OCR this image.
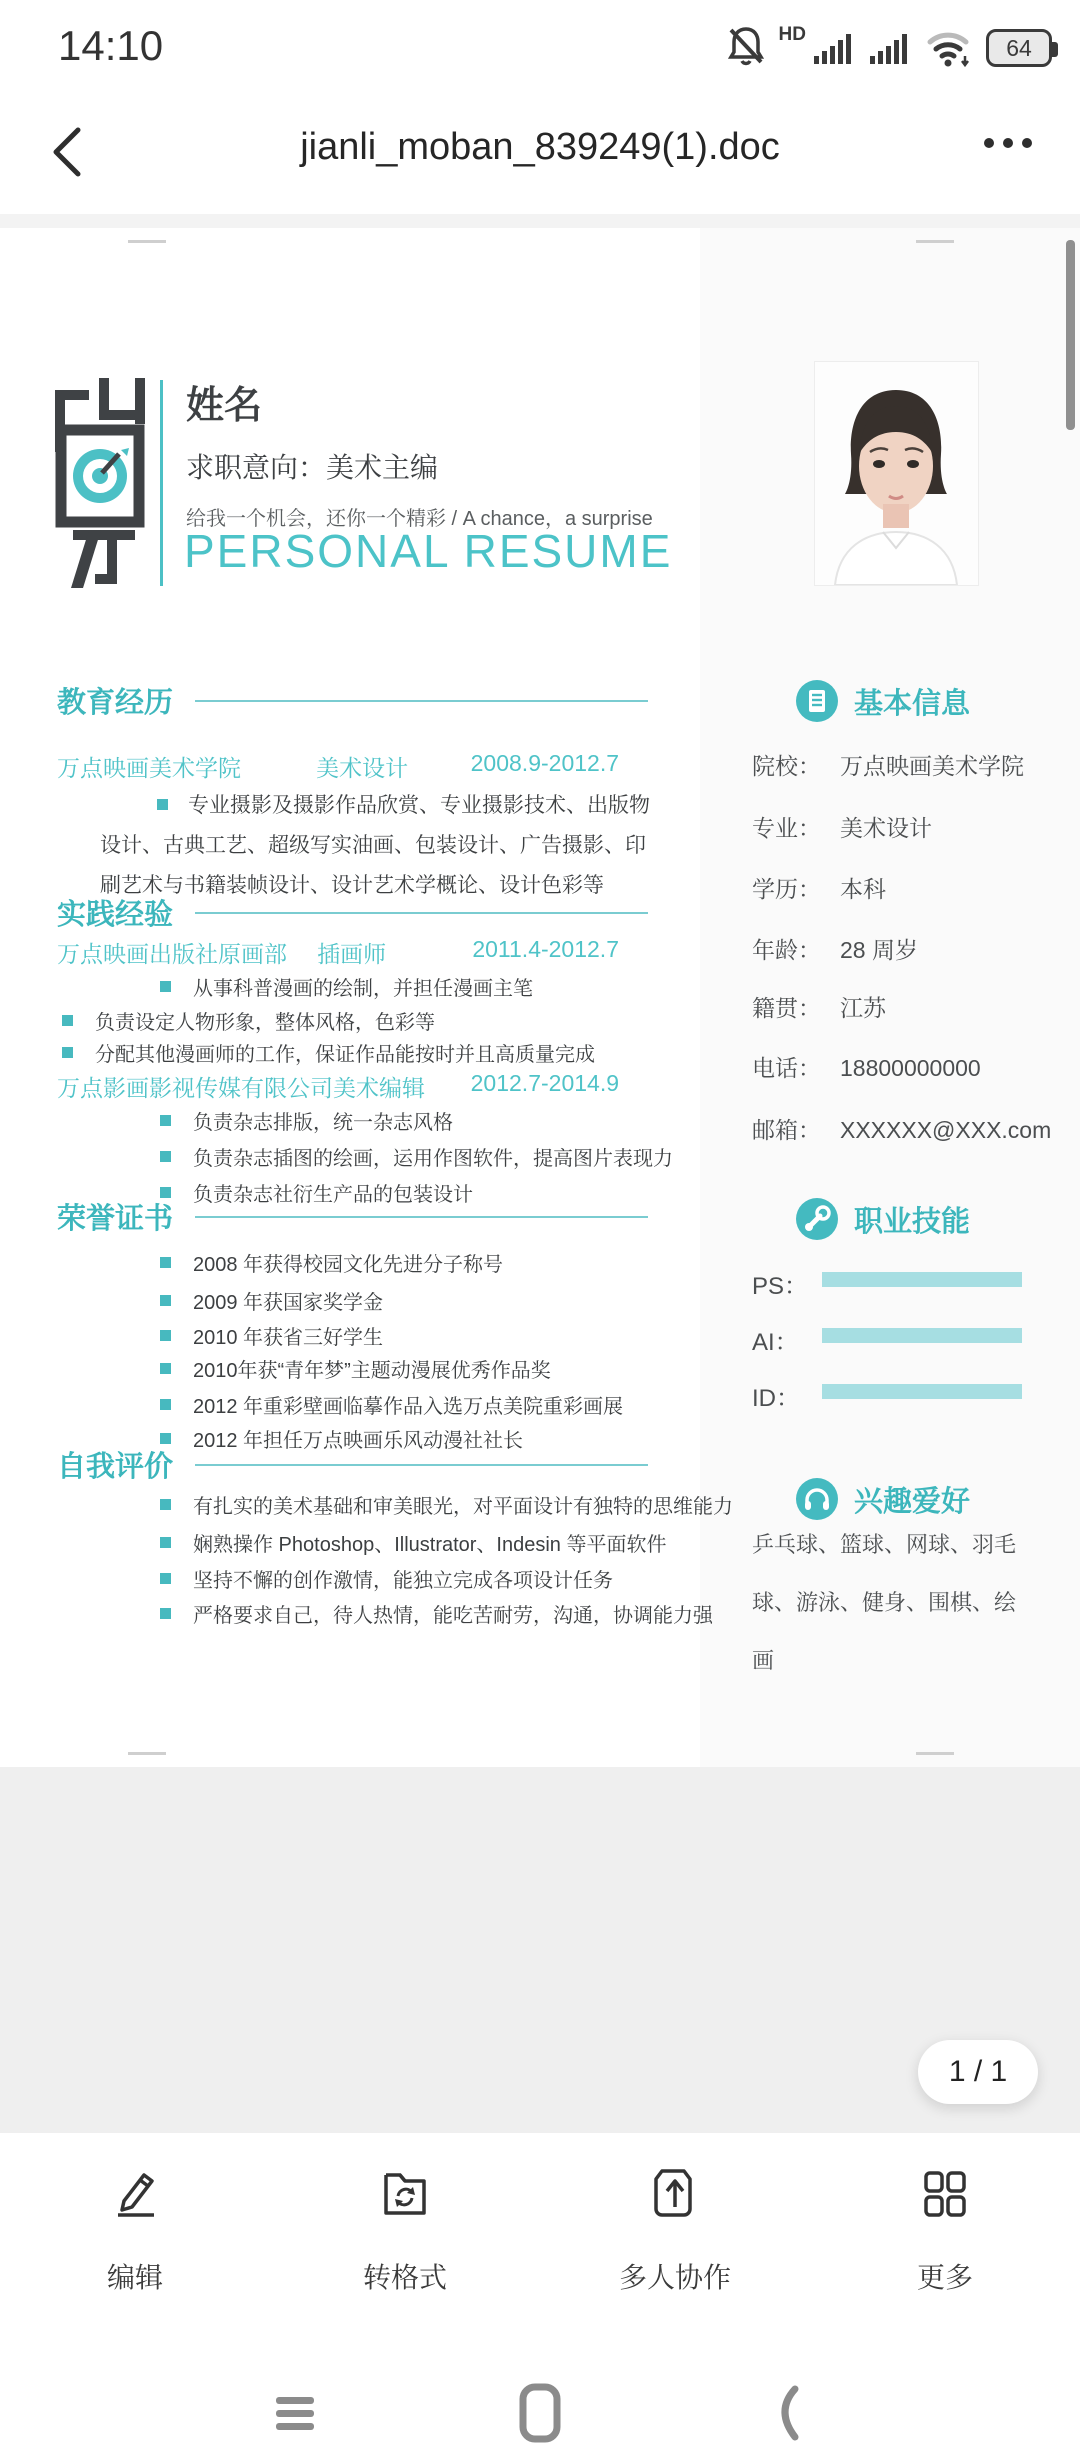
14:10	HD	64
jianli_moban_839249(1).doc
姓名
求职意向：美术主编
给我一个机会，还你一个精彩 / A chance，a surprise
PERSONAL RESUME
教育经历
万点映画美术学院	美术设计	2008.9-2012.7
专业摄影及摄影作品欣赏、专业摄影技术、出版物设计、古典工艺、超级写实油画、包装设计、广告摄影、印刷艺术与书籍装帧设计、设计艺术学概论、设计色彩等
实践经验
万点映画出版社原画部	插画师	2011.4-2012.7
从事科普漫画的绘制，并担任漫画主笔
负责设定人物形象，整体风格，色彩等
分配其他漫画师的工作，保证作品能按时并且高质量完成
万点影画影视传媒有限公司 美术编辑	2012.7-2014.9
负责杂志排版，统一杂志风格
负责杂志插图的绘画，运用作图软件，提高图片表现力
负责杂志社衍生产品的包装设计
荣誉证书
2008 年获得校园文化先进分子称号
2009 年获国家奖学金
2010 年获省三好学生
2010年获“青年梦”主题动漫展优秀作品奖
2012 年重彩壁画临摹作品入选万点美院重彩画展
2012 年担任万点映画乐风动漫社社长
自我评价
有扎实的美术基础和审美眼光，对平面设计有独特的思维能力
娴熟操作 Photoshop、Illustrator、Indesin 等平面软件
坚持不懈的创作激情，能独立完成各项设计任务
严格要求自己，待人热情，能吃苦耐劳，沟通，协调能力强
基本信息
院校： 万点映画美术学院
专业： 美术设计
学历： 本科
年龄： 28 周岁
籍贯： 江苏
电话： 18800000000
邮箱： XXXXXX@XXX.com
职业技能
PS：
AI：
ID：
兴趣爱好
乒乓球、篮球、网球、羽毛球、游泳、健身、围棋、绘画
1 / 1
编辑	转格式	多人协作	更多
